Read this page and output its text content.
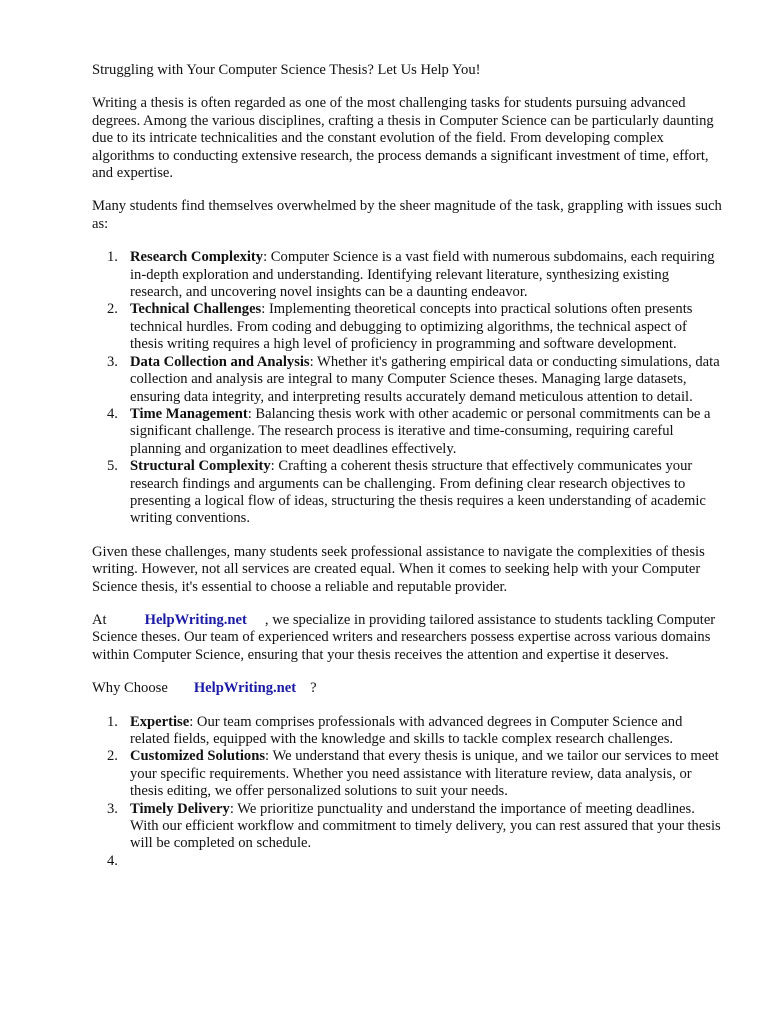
Struggling with Your Computer Science Thesis? Let Us Help You!

Writing a thesis is often regarded as one of the most challenging tasks for students pursuing advanced degrees. Among the various disciplines, crafting a thesis in Computer Science can be particularly daunting due to its intricate technicalities and the constant evolution of the field. From developing complex algorithms to conducting extensive research, the process demands a significant investment of time, effort, and expertise.

Many students find themselves overwhelmed by the sheer magnitude of the task, grappling with issues such as:

1. Research Complexity: Computer Science is a vast field with numerous subdomains, each requiring in-depth exploration and understanding. Identifying relevant literature, synthesizing existing research, and uncovering novel insights can be a daunting endeavor.
2. Technical Challenges: Implementing theoretical concepts into practical solutions often presents technical hurdles. From coding and debugging to optimizing algorithms, the technical aspect of thesis writing requires a high level of proficiency in programming and software development.
3. Data Collection and Analysis: Whether it's gathering empirical data or conducting simulations, data collection and analysis are integral to many Computer Science theses. Managing large datasets, ensuring data integrity, and interpreting results accurately demand meticulous attention to detail.
4. Time Management: Balancing thesis work with other academic or personal commitments can be a significant challenge. The research process is iterative and time-consuming, requiring careful planning and organization to meet deadlines effectively.
5. Structural Complexity: Crafting a coherent thesis structure that effectively communicates your research findings and arguments can be challenging. From defining clear research objectives to presenting a logical flow of ideas, structuring the thesis requires a keen understanding of academic writing conventions.

Given these challenges, many students seek professional assistance to navigate the complexities of thesis writing. However, not all services are created equal. When it comes to seeking help with your Computer Science thesis, it's essential to choose a reliable and reputable provider.

At	HelpWriting.net , we specialize in providing tailored assistance to students tackling Computer Science theses. Our team of experienced writers and researchers possess expertise across various domains within Computer Science, ensuring that your thesis receives the attention and expertise it deserves.

Why Choose HelpWriting.net ?

1. Expertise: Our team comprises professionals with advanced degrees in Computer Science and related fields, equipped with the knowledge and skills to tackle complex research challenges.
2. Customized Solutions: We understand that every thesis is unique, and we tailor our services to meet your specific requirements. Whether you need assistance with literature review, data analysis, or thesis editing, we offer personalized solutions to suit your needs.
3. Timely Delivery: We prioritize punctuality and understand the importance of meeting deadlines. With our efficient workflow and commitment to timely delivery, you can rest assured that your thesis will be completed on schedule.
4.
